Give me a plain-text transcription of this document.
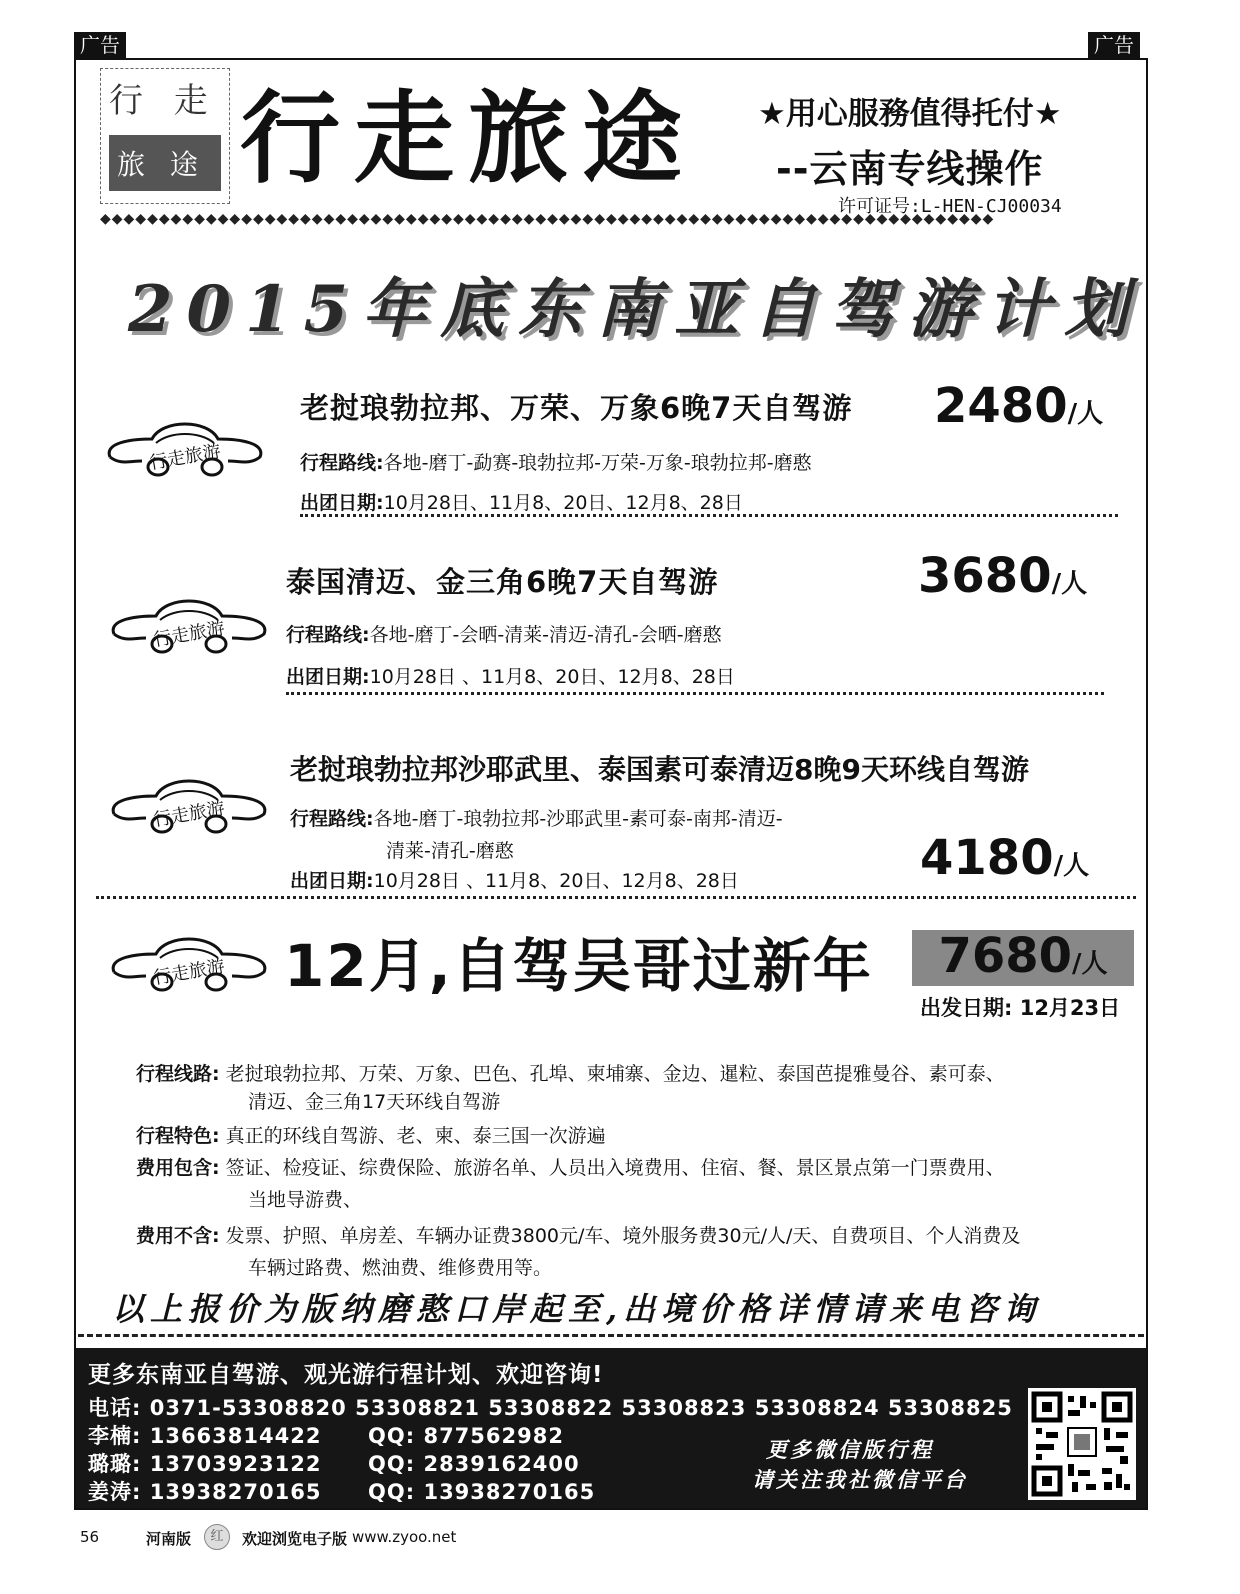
广告	广告
行 走
旅 途 行走旅途 ★用心服務值得托付★
--云南专线操作
许可证号:L-HEN-CJ00034
◆◆◆◆◆◆◆◆◆◆◆◆◆◆◆◆◆◆◆◆◆◆◆◆◆◆◆◆◆◆◆◆◆◆◆◆◆◆◆◆◆◆◆◆◆◆◆◆◆◆◆◆◆◆◆◆◆◆◆◆◆◆◆◆◆◆◆◆◆◆◆◆◆◆◆◆
2015年底东南亚自驾游计划
行走旅游
老挝琅勃拉邦、万荣、万象6晚7天自驾游 2480/人
行程路线:各地-磨丁-勐赛-琅勃拉邦-万荣-万象-琅勃拉邦-磨憨
出团日期:10月28日、11月8、20日、12月8、28日
行走旅游
泰国清迈、金三角6晚7天自驾游	3680/人
行程路线:各地-磨丁-会晒-清莱-清迈-清孔-会晒-磨憨
出团日期:10月28日 、11月8、20日、12月8、28日
行走旅游
老挝琅勃拉邦沙耶武里、泰国素可泰清迈8晚9天环线自驾游
行程路线:各地-磨丁-琅勃拉邦-沙耶武里-素可泰-南邦-清迈-
清莱-清孔-磨憨	4180/人
出团日期:10月28日 、11月8、20日、12月8、28日
行走旅游 12月,自驾吴哥过新年	7680/人
出发日期: 12月23日
行程线路: 老挝琅勃拉邦、万荣、万象、巴色、孔埠、柬埔寨、金边、暹粒、泰国芭提雅曼谷、素可泰、
清迈、金三角17天环线自驾游
行程特色: 真正的环线自驾游、老、柬、泰三国一次游遍
费用包含: 签证、检疫证、综费保险、旅游名单、人员出入境费用、住宿、餐、景区景点第一门票费用、
当地导游费、
费用不含: 发票、护照、单房差、车辆办证费3800元/车、境外服务费30元/人/天、自费项目、个人消费及
车辆过路费、燃油费、维修费用等。
以上报价为版纳磨憨口岸起至,出境价格详情请来电咨询
更多东南亚自驾游、观光游行程计划、欢迎咨询!
电话: 0371-53308820 53308821 53308822 53308823 53308824 53308825
李楠: 13663814422 QQ: 877562982
璐璐: 13703923122 QQ: 2839162400
姜涛: 13938270165 QQ: 13938270165
更多微信版行程
请关注我社微信平台
56	河南版	红	欢迎浏览电子版 www.zyoo.net
